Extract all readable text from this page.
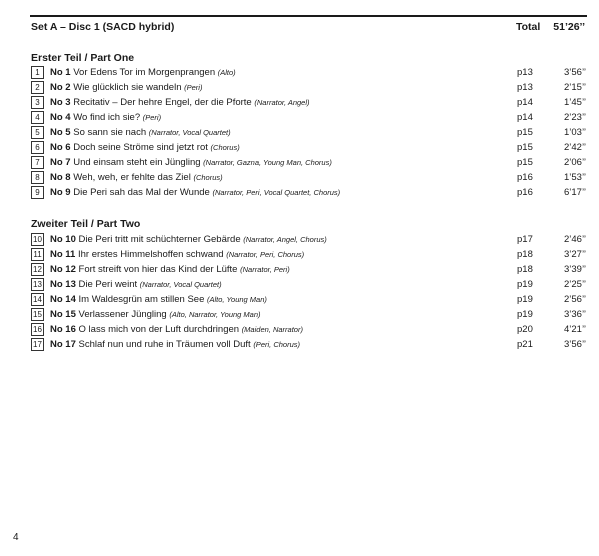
Set A – Disc 1 (SACD hybrid)	Total 51’26’’
Erster Teil / Part One
1	No 1 Vor Edens Tor im Morgenprangen (Alto)	p13	3’56’’
2	No 2 Wie glücklich sie wandeln (Peri)	p13	2’15’’
3	No 3 Recitativ – Der hehre Engel, der die Pforte (Narrator, Angel)	p14	1’45’’
4	No 4 Wo find ich sie? (Peri)	p14	2’23’’
5	No 5 So sann sie nach (Narrator, Vocal Quartet)	p15	1’03’’
6	No 6 Doch seine Ströme sind jetzt rot (Chorus)	p15	2’42’’
7	No 7 Und einsam steht ein Jüngling (Narrator, Gazna, Young Man, Chorus)	p15	2’06’’
8	No 8 Weh, weh, er fehlte das Ziel (Chorus)	p16	1’53’’
9	No 9 Die Peri sah das Mal der Wunde (Narrator, Peri, Vocal Quartet, Chorus)	p16	6’17’’
Zweiter Teil / Part Two
10 No 10 Die Peri tritt mit schüchterner Gebärde (Narrator, Angel, Chorus)	p17	2’46’’
11 No 11 Ihr erstes Himmelshoffen schwand (Narrator, Peri, Chorus)	p18	3’27’’
12 No 12 Fort streift von hier das Kind der Lüfte (Narrator, Peri)	p18	3’39’’
13 No 13 Die Peri weint (Narrator, Vocal Quartet)	p19	2’25’’
14 No 14 Im Waldesgrün am stillen See (Alto, Young Man)	p19	2’56’’
15 No 15 Verlassener Jüngling (Alto, Narrator, Young Man)	p19	3’36’’
16 No 16 O lass mich von der Luft durchdringen (Maiden, Narrator)	p20	4’21’’
17 No 17 Schlaf nun und ruhe in Träumen voll Duft (Peri, Chorus)	p21	3’56’’
4
